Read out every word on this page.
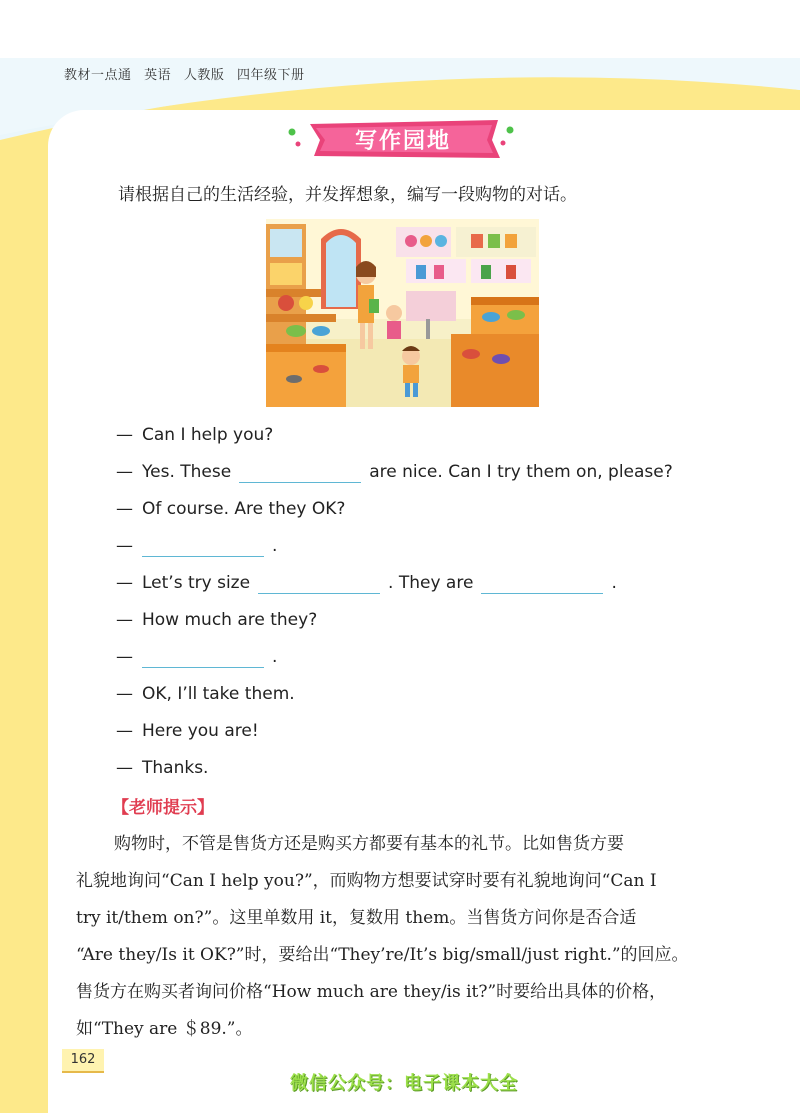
教材一点通 英语 人教版 四年级下册
写作园地
请根据自己的生活经验，并发挥想象，编写一段购物的对话。
— Can I help you?
— Yes. These	are nice. Can I try them on, please?
— Of course. Are they OK?
—	.
— Let’s try size	. They are	.
— How much are they?
—	.
— OK, I’ll take them.
— Here you are!
— Thanks.
【老师提示】

购物时，不管是售货方还是购买方都要有基本的礼节。比如售货方要

礼貌地询问“Can I help you?”，而购物方想要试穿时要有礼貌地询问“Can I

try it/them on?”。这里单数用 it，复数用 them。当售货方问你是否合适

“Are they/Is it OK?”时，要给出“They’re/It’s big/small/just right.”的回应。

售货方在购买者询问价格“How much are they/is it?”时要给出具体的价格，

如“They are ＄89.”。

162
微信公众号：电子课本大全
